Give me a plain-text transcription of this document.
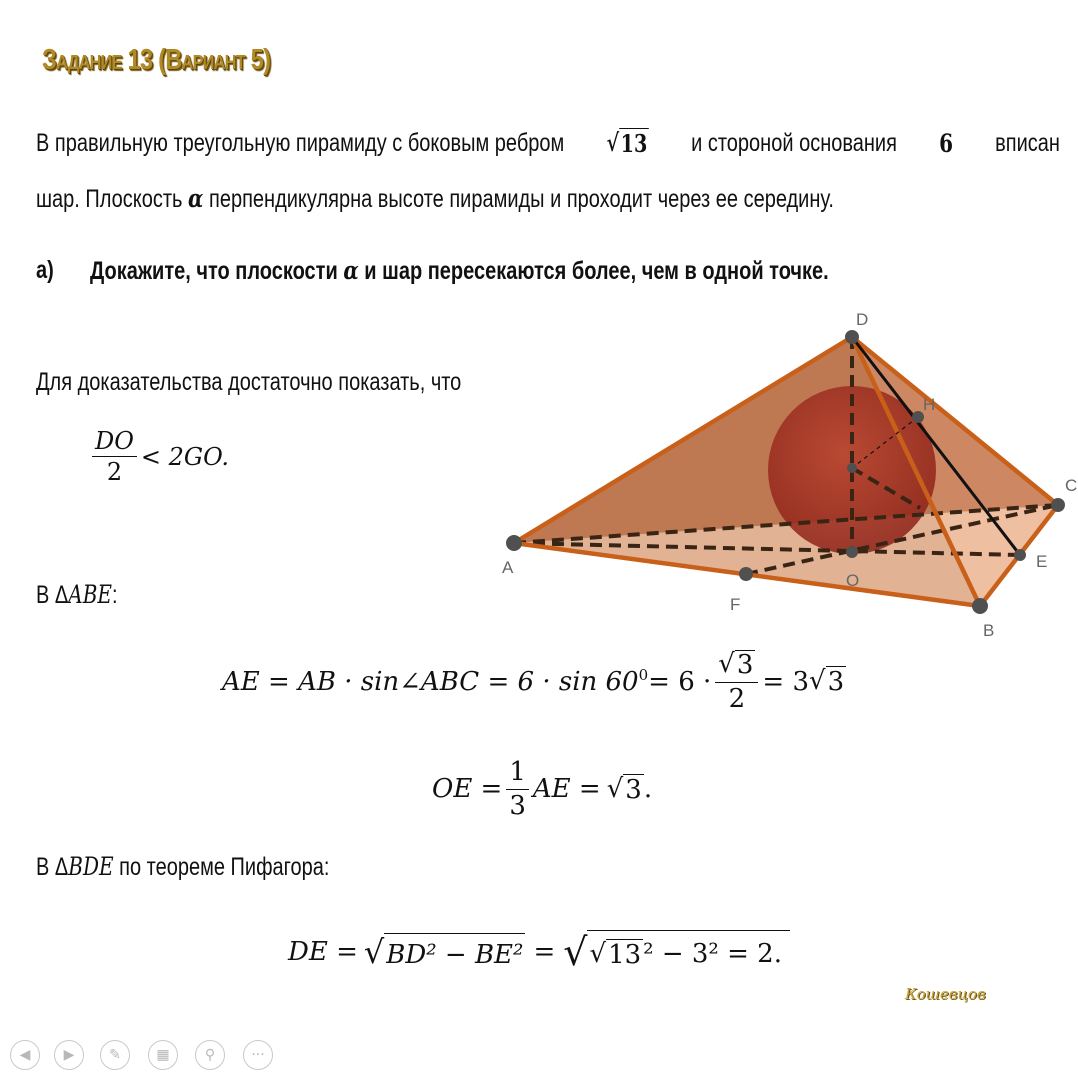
Задание 13 (Вариант 5)
В правильную треугольную пирамиду с боковым ребром √ 13 и стороной основания 6 вписан
шар. Плоскость α перпендикулярна высоте пирамиды и проходит через ее середину.
а) Докажите, что плоскости α и шар пересекаются более, чем в одной точке.
Для доказательства достаточно показать, что
$\frac{DO}{2} < 2GO$.
В ΔABE:
AE = AB · sin∠ABC = $6 \cdot \sin 60^0 = 6 \cdot \frac{√ 3}{2} = 3$ √ 3
OE = $\frac{1}{3}$ AE = √ 3 .
В ΔBDE по теореме Пифагора:
DE = √ BD² − BE² = √ √ 13 ² − 3² = 2.
A
B
C
D
E
F
H
O
Кошевцов
◀	▶	✎	▦	⚲	···
